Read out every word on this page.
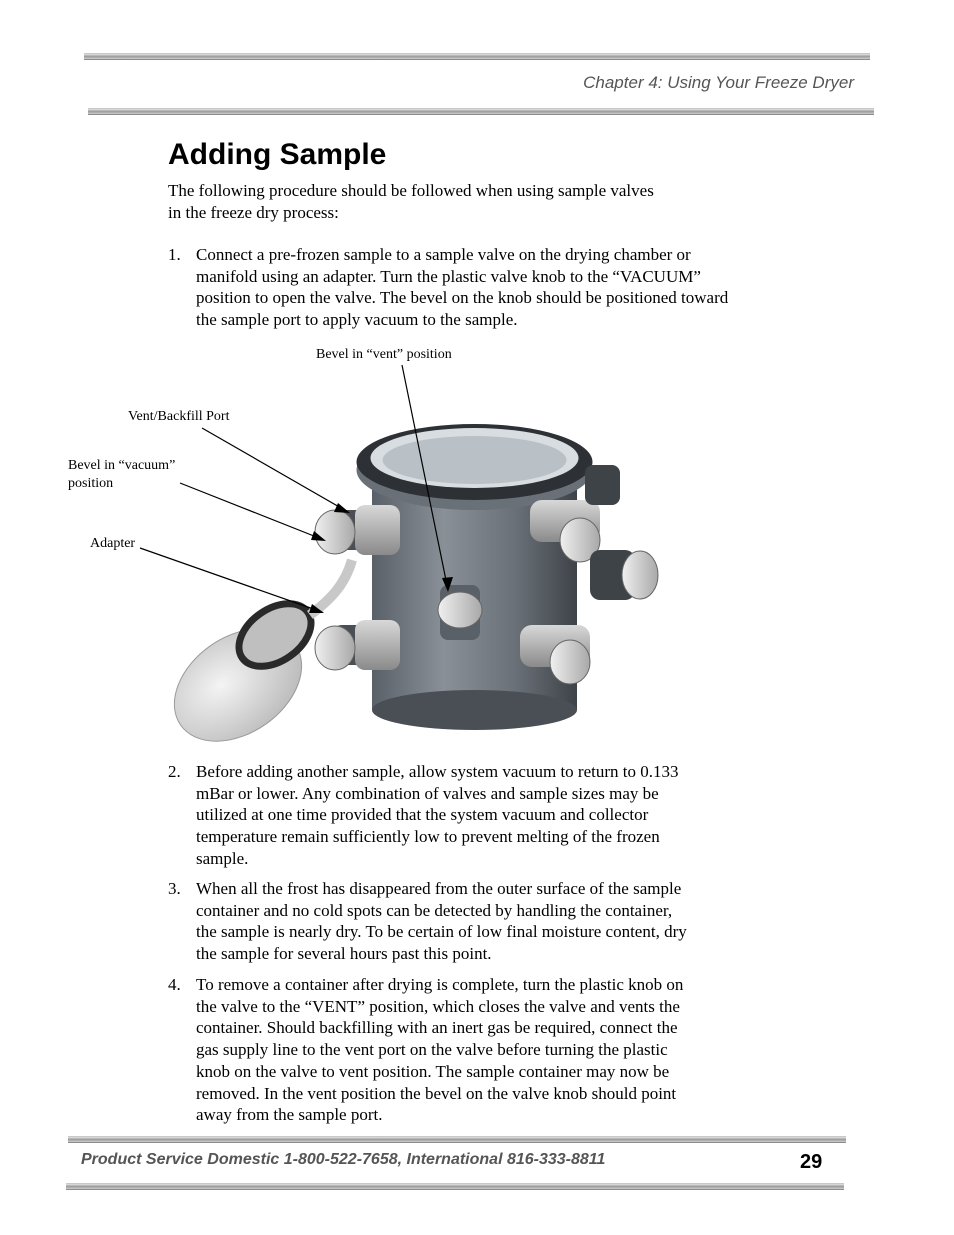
Chapter 4: Using Your Freeze Dryer
Adding Sample
The following procedure should be followed when using sample valves in the freeze dry process:
1. Connect a pre-frozen sample to a sample valve on the drying chamber or manifold using an adapter. Turn the plastic valve knob to the “VACUUM” position to open the valve. The bevel on the knob should be positioned toward the sample port to apply vacuum to the sample.
Bevel in “vent” position
Vent/Backfill Port
Bevel in “vacuum”
position
Adapter
2. Before adding another sample, allow system vacuum to return to 0.133 mBar or lower. Any combination of valves and sample sizes may be utilized at one time provided that the system vacuum and collector temperature remain sufficiently low to prevent melting of the frozen sample.
3. When all the frost has disappeared from the outer surface of the sample container and no cold spots can be detected by handling the container, the sample is nearly dry. To be certain of low final moisture content, dry the sample for several hours past this point.
4. To remove a container after drying is complete, turn the plastic knob on the valve to the “VENT” position, which closes the valve and vents the container. Should backfilling with an inert gas be required, connect the gas supply line to the vent port on the valve before turning the plastic knob on the valve to vent position. The sample container may now be removed. In the vent position the bevel on the valve knob should point away from the sample port.
Product Service Domestic 1-800-522-7658, International 816-333-8811	29
